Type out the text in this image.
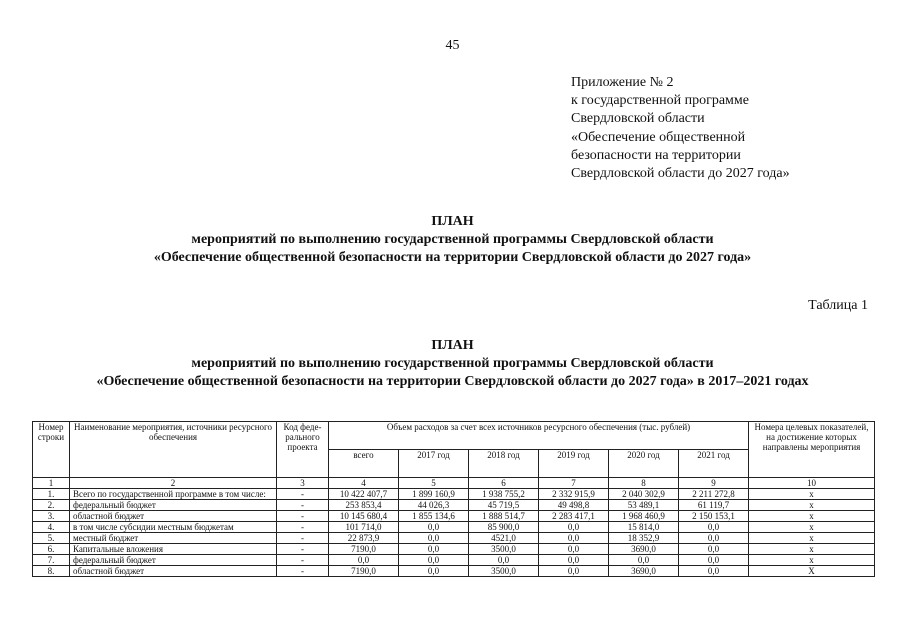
45
Приложение № 2
к государственной программе
Свердловской области
«Обеспечение общественной
безопасности на территории
Свердловской области до 2027 года»
ПЛАН
мероприятий по выполнению государственной программы Свердловской области
«Обеспечение общественной безопасности на территории Свердловской области до 2027 года»
Таблица 1
ПЛАН
мероприятий по выполнению государственной программы Свердловской области
«Обеспечение общественной безопасности на территории Свердловской области до 2027 года» в 2017–2021 годах
Номер строки	Наименование мероприятия, источники ресурсного обеспечения	Код феде-рального проекта	Объем расходов за счет всех источников ресурсного обеспечения (тыс. рублей)						Номера целевых показателей, на достижение которых направлены мероприятия
			всего	2017 год	2018 год	2019 год	2020 год	2021 год	
1	2	3	4	5	6	7	8	9	10
1.	Всего по государственной программе в том числе:	-	10 422 407,7	1 899 160,9	1 938 755,2	2 332 915,9	2 040 302,9	2 211 272,8	x
2.	федеральный бюджет	-	253 853,4	44 026,3	45 719,5	49 498,8	53 489,1	61 119,7	x
3.	областной бюджет	-	10 145 680,4	1 855 134,6	1 888 514,7	2 283 417,1	1 968 460,9	2 150 153,1	x
4.	в том числе субсидии местным бюджетам	-	101 714,0	0,0	85 900,0	0,0	15 814,0	0,0	x
5.	местный бюджет	-	22 873,9	0,0	4521,0	0,0	18 352,9	0,0	x
6.	Капитальные вложения	-	7190,0	0,0	3500,0	0,0	3690,0	0,0	x
7.	федеральный бюджет	-	0,0	0,0	0,0	0,0	0,0	0,0	x
8.	областной бюджет	-	7190,0	0,0	3500,0	0,0	3690,0	0,0	X
